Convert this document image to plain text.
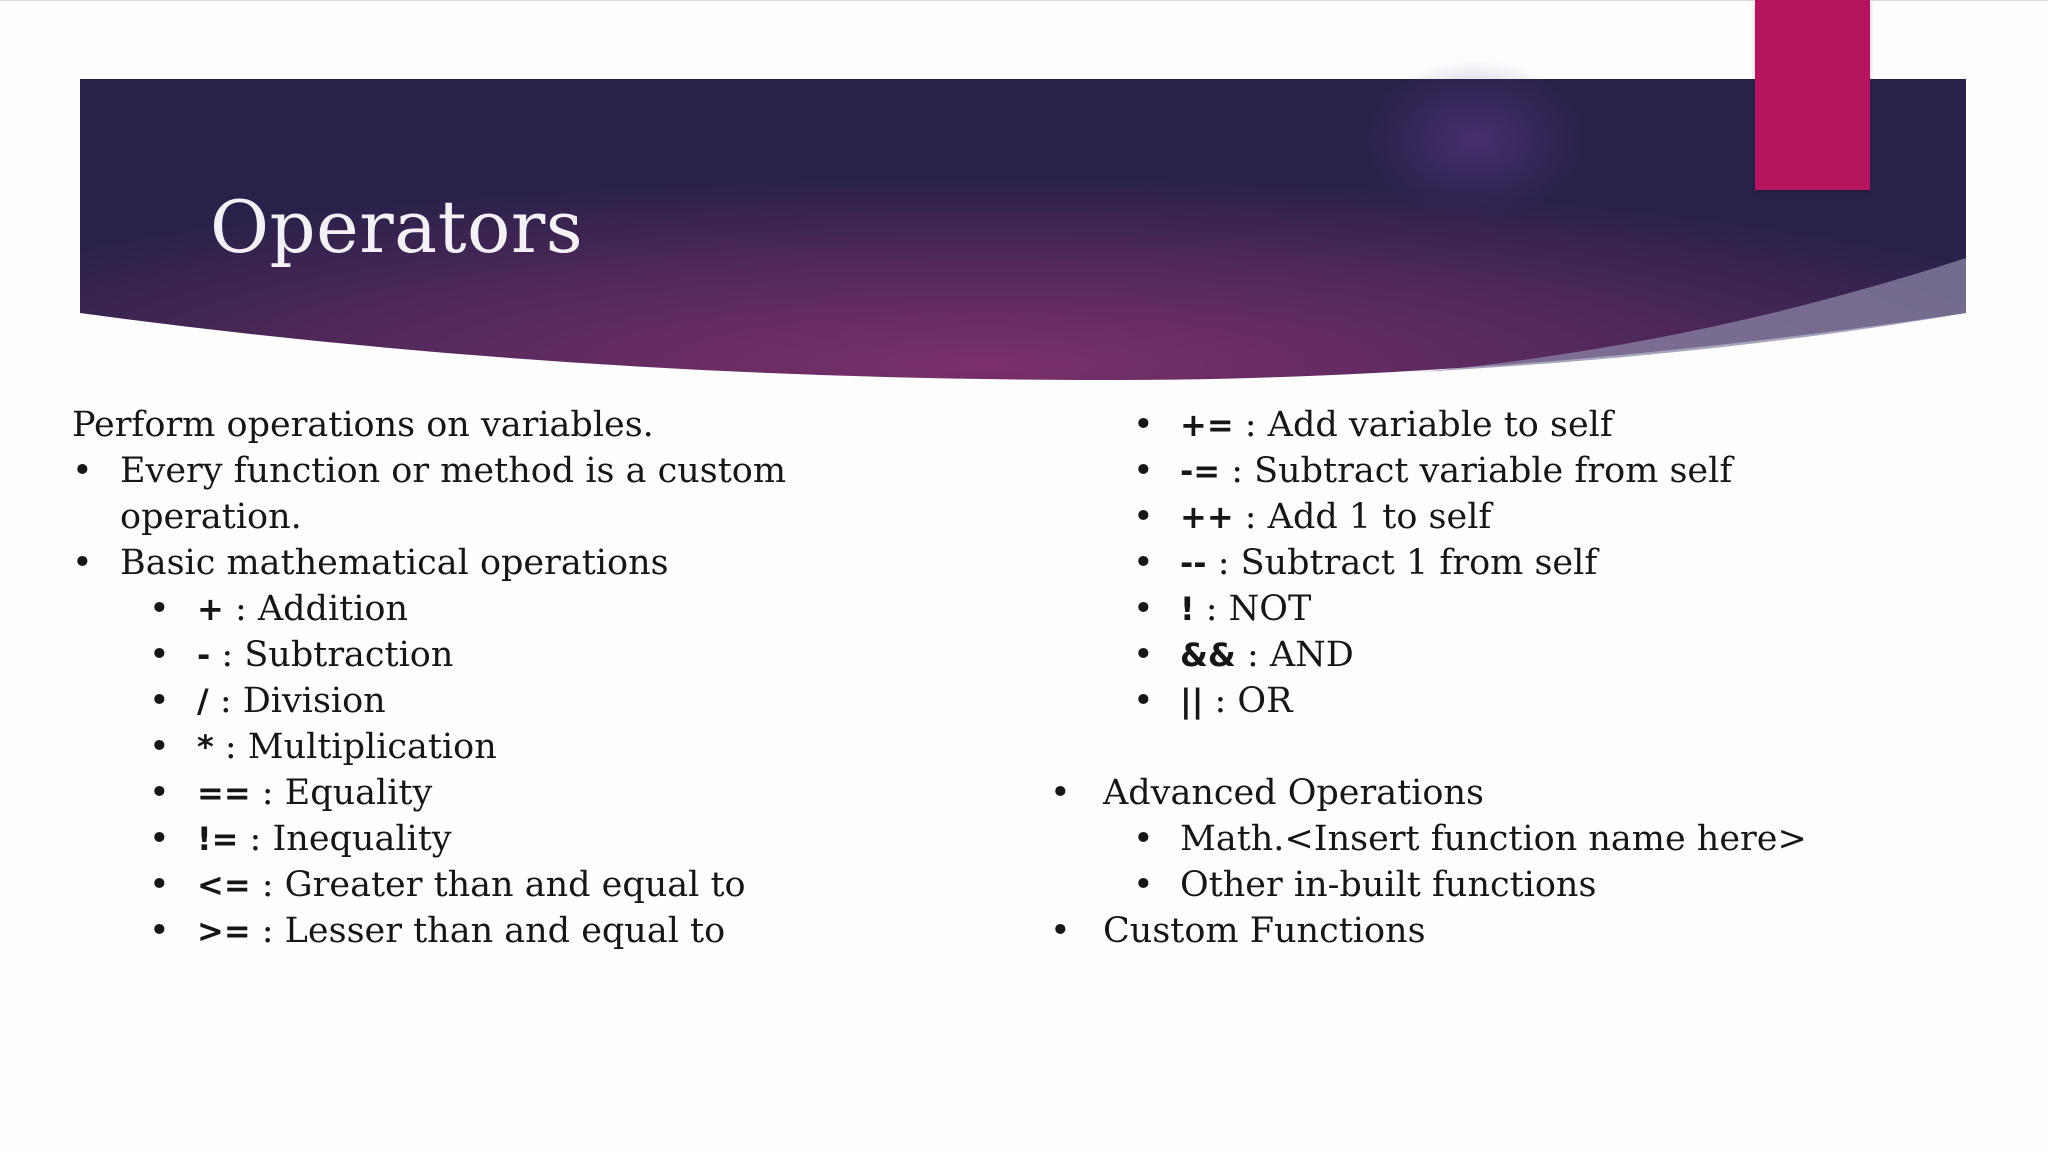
Operators
Perform operations on variables.
• Every function or method is a custom
operation.
• Basic mathematical operations
• + : Addition
• - : Subtraction
• / : Division
• * : Multiplication
• == : Equality
• != : Inequality
• <= : Greater than and equal to
• >= : Lesser than and equal to
• += : Add variable to self
• -= : Subtract variable from self
• ++ : Add 1 to self
• -- : Subtract 1 from self
• ! : NOT
• && : AND
• || : OR
• Advanced Operations
• Math.<Insert function name here>
• Other in-built functions
• Custom Functions
